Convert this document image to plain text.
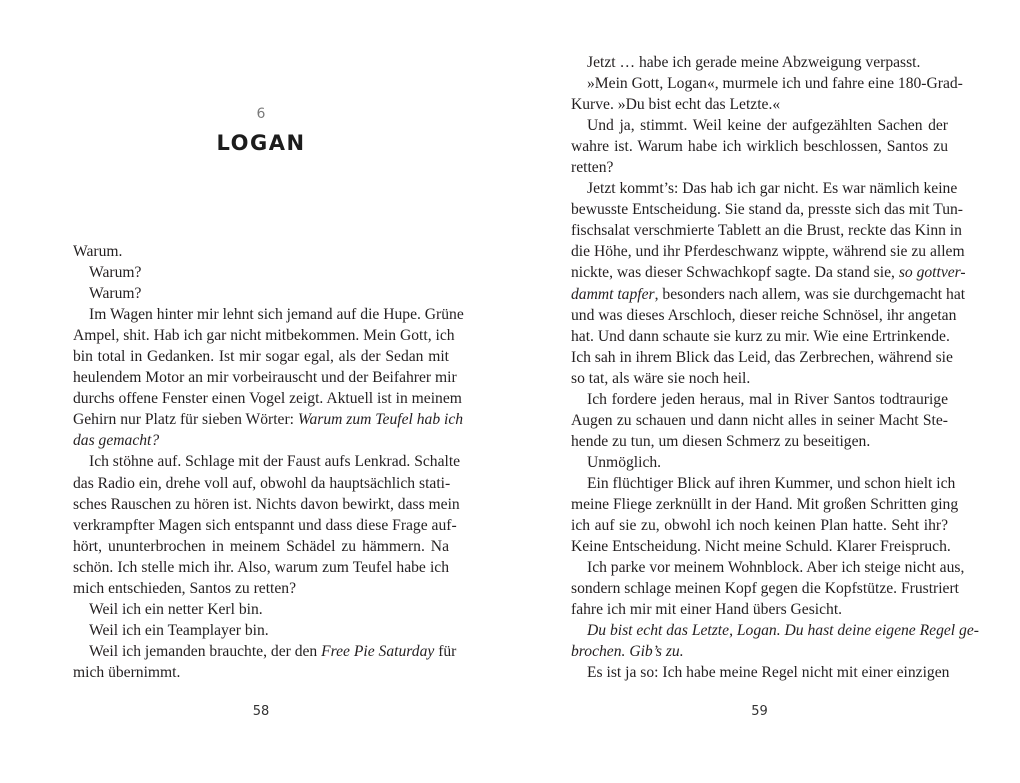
6
LOGAN
Warum.
Warum?
Warum?
Im Wagen hinter mir lehnt sich jemand auf die Hupe. Grüne
Ampel, shit. Hab ich gar nicht mitbekommen. Mein Gott, ich
bin total in Gedanken. Ist mir sogar egal, als der Sedan mit
heulendem Motor an mir vorbeirauscht und der Beifahrer mir
durchs offene Fenster einen Vogel zeigt. Aktuell ist in meinem
Gehirn nur Platz für sieben Wörter: Warum zum Teufel hab ich
das gemacht?
Ich stöhne auf. Schlage mit der Faust aufs Lenkrad. Schalte
das Radio ein, drehe voll auf, obwohl da hauptsächlich stati-
sches Rauschen zu hören ist. Nichts davon bewirkt, dass mein
verkrampfter Magen sich entspannt und dass diese Frage auf-
hört, ununterbrochen in meinem Schädel zu hämmern. Na
schön. Ich stelle mich ihr. Also, warum zum Teufel habe ich
mich entschieden, Santos zu retten?
Weil ich ein netter Kerl bin.
Weil ich ein Teamplayer bin.
Weil ich jemanden brauchte, der den Free Pie Saturday für
mich übernimmt.
58
Jetzt … habe ich gerade meine Abzweigung verpasst.
»Mein Gott, Logan«, murmele ich und fahre eine 180-Grad-
Kurve. »Du bist echt das Letzte.«
Und ja, stimmt. Weil keine der aufgezählten Sachen der
wahre ist. Warum habe ich wirklich beschlossen, Santos zu
retten?
Jetzt kommt’s: Das hab ich gar nicht. Es war nämlich keine
bewusste Entscheidung. Sie stand da, presste sich das mit Tun-
fischsalat verschmierte Tablett an die Brust, reckte das Kinn in
die Höhe, und ihr Pferdeschwanz wippte, während sie zu allem
nickte, was dieser Schwachkopf sagte. Da stand sie, so gottver-
dammt tapfer, besonders nach allem, was sie durchgemacht hat
und was dieses Arschloch, dieser reiche Schnösel, ihr angetan
hat. Und dann schaute sie kurz zu mir. Wie eine Ertrinkende.
Ich sah in ihrem Blick das Leid, das Zerbrechen, während sie
so tat, als wäre sie noch heil.
Ich fordere jeden heraus, mal in River Santos todtraurige
Augen zu schauen und dann nicht alles in seiner Macht Ste-
hende zu tun, um diesen Schmerz zu beseitigen.
Unmöglich.
Ein flüchtiger Blick auf ihren Kummer, und schon hielt ich
meine Fliege zerknüllt in der Hand. Mit großen Schritten ging
ich auf sie zu, obwohl ich noch keinen Plan hatte. Seht ihr?
Keine Entscheidung. Nicht meine Schuld. Klarer Freispruch.
Ich parke vor meinem Wohnblock. Aber ich steige nicht aus,
sondern schlage meinen Kopf gegen die Kopfstütze. Frustriert
fahre ich mir mit einer Hand übers Gesicht.
Du bist echt das Letzte, Logan. Du hast deine eigene Regel ge-
brochen. Gib’s zu.
Es ist ja so: Ich habe meine Regel nicht mit einer einzigen
59
